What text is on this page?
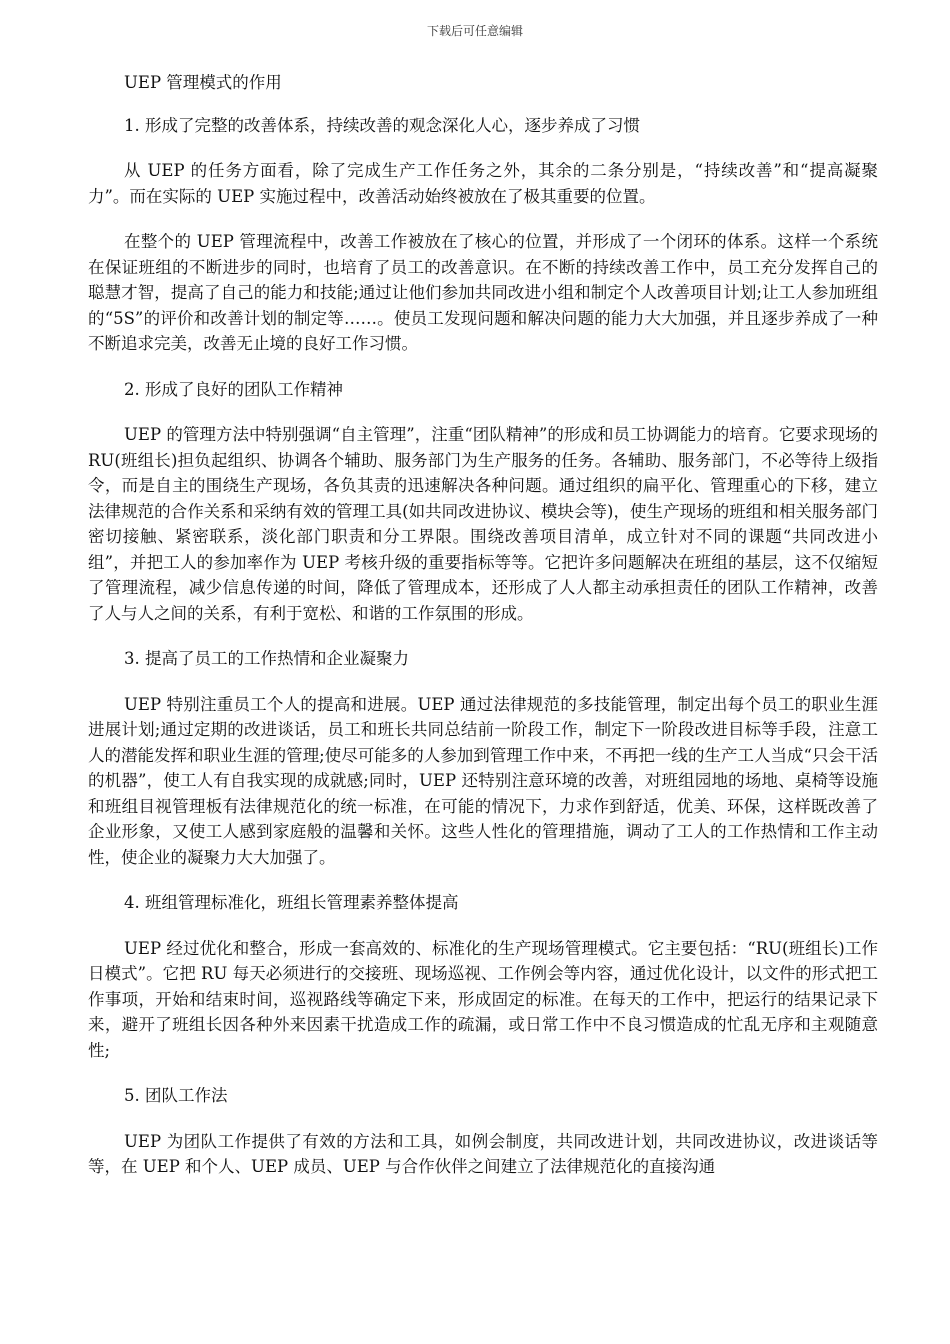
下载后可任意编辑

UEP 管理模式的作用

1. 形成了完整的改善体系，持续改善的观念深化人心，逐步养成了习惯

从 UEP 的任务方面看，除了完成生产工作任务之外，其余的二条分别是，“持续改善”和“提高凝聚力”。而在实际的 UEP 实施过程中，改善活动始终被放在了极其重要的位置。

在整个的 UEP 管理流程中，改善工作被放在了核心的位置，并形成了一个闭环的体系。这样一个系统在保证班组的不断进步的同时，也培育了员工的改善意识。在不断的持续改善工作中，员工充分发挥自己的聪慧才智，提高了自己的能力和技能;通过让他们参加共同改进小组和制定个人改善项目计划;让工人参加班组的“5S”的评价和改善计划的制定等……。使员工发现问题和解决问题的能力大大加强，并且逐步养成了一种不断追求完美，改善无止境的良好工作习惯。

2. 形成了良好的团队工作精神

UEP 的管理方法中特别强调“自主管理”，注重“团队精神”的形成和员工协调能力的培育。它要求现场的 RU(班组长)担负起组织、协调各个辅助、服务部门为生产服务的任务。各辅助、服务部门，不必等待上级指令，而是自主的围绕生产现场，各负其责的迅速解决各种问题。通过组织的扁平化、管理重心的下移，建立法律规范的合作关系和采纳有效的管理工具(如共同改进协议、模块会等)，使生产现场的班组和相关服务部门密切接触、紧密联系，淡化部门职责和分工界限。围绕改善项目清单，成立针对不同的课题“共同改进小组”，并把工人的参加率作为 UEP 考核升级的重要指标等等。它把许多问题解决在班组的基层，这不仅缩短了管理流程，减少信息传递的时间，降低了管理成本，还形成了人人都主动承担责任的团队工作精神，改善了人与人之间的关系，有利于宽松、和谐的工作氛围的形成。

3. 提高了员工的工作热情和企业凝聚力

UEP 特别注重员工个人的提高和进展。UEP 通过法律规范的多技能管理，制定出每个员工的职业生涯进展计划;通过定期的改进谈话，员工和班长共同总结前一阶段工作，制定下一阶段改进目标等手段，注意工人的潜能发挥和职业生涯的管理;使尽可能多的人参加到管理工作中来，不再把一线的生产工人当成“只会干活的机器”，使工人有自我实现的成就感;同时，UEP 还特别注意环境的改善，对班组园地的场地、桌椅等设施和班组目视管理板有法律规范化的统一标准，在可能的情况下，力求作到舒适，优美、环保，这样既改善了企业形象，又使工人感到家庭般的温馨和关怀。这些人性化的管理措施，调动了工人的工作热情和工作主动性，使企业的凝聚力大大加强了。

4. 班组管理标准化，班组长管理素养整体提高

UEP 经过优化和整合，形成一套高效的、标准化的生产现场管理模式。它主要包括：“RU(班组长)工作日模式”。它把 RU 每天必须进行的交接班、现场巡视、工作例会等内容，通过优化设计，以文件的形式把工作事项，开始和结束时间，巡视路线等确定下来，形成固定的标准。在每天的工作中，把运行的结果记录下来，避开了班组长因各种外来因素干扰造成工作的疏漏，或日常工作中不良习惯造成的忙乱无序和主观随意性;

5. 团队工作法

UEP 为团队工作提供了有效的方法和工具，如例会制度，共同改进计划，共同改进协议，改进谈话等等，在 UEP 和个人、UEP 成员、UEP 与合作伙伴之间建立了法律规范化的直接沟通
